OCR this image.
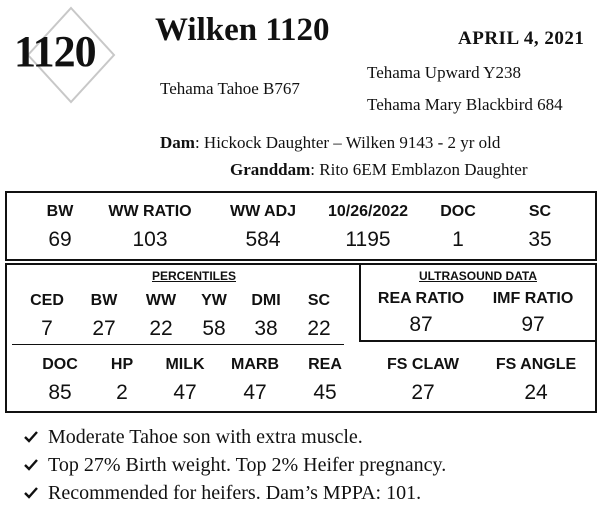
1120 Wilken 1120	APRIL 4, 2021
Tehama Tahoe B767
Tehama Upward Y238
Tehama Mary Blackbird 684
Dam: Hickock Daughter – Wilken 9143 - 2 yr old
Granddam: Rito 6EM Emblazon Daughter
BW WW RATIO WW ADJ 10/26/2022 DOC	SC
69	103	584	1195	1	35
PERCENTILES
CED BW WW YW DMI SC
7 27 22 58 38 22
DOC HP MILK MARB REA
85 2 47 47 45
FS CLAW FS ANGLE
27	24
ULTRASOUND DATA
REA RATIO IMF RATIO
87	97
Moderate Tahoe son with extra muscle.
Top 27% Birth weight. Top 2% Heifer pregnancy.
Recommended for heifers. Dam’s MPPA: 101.
